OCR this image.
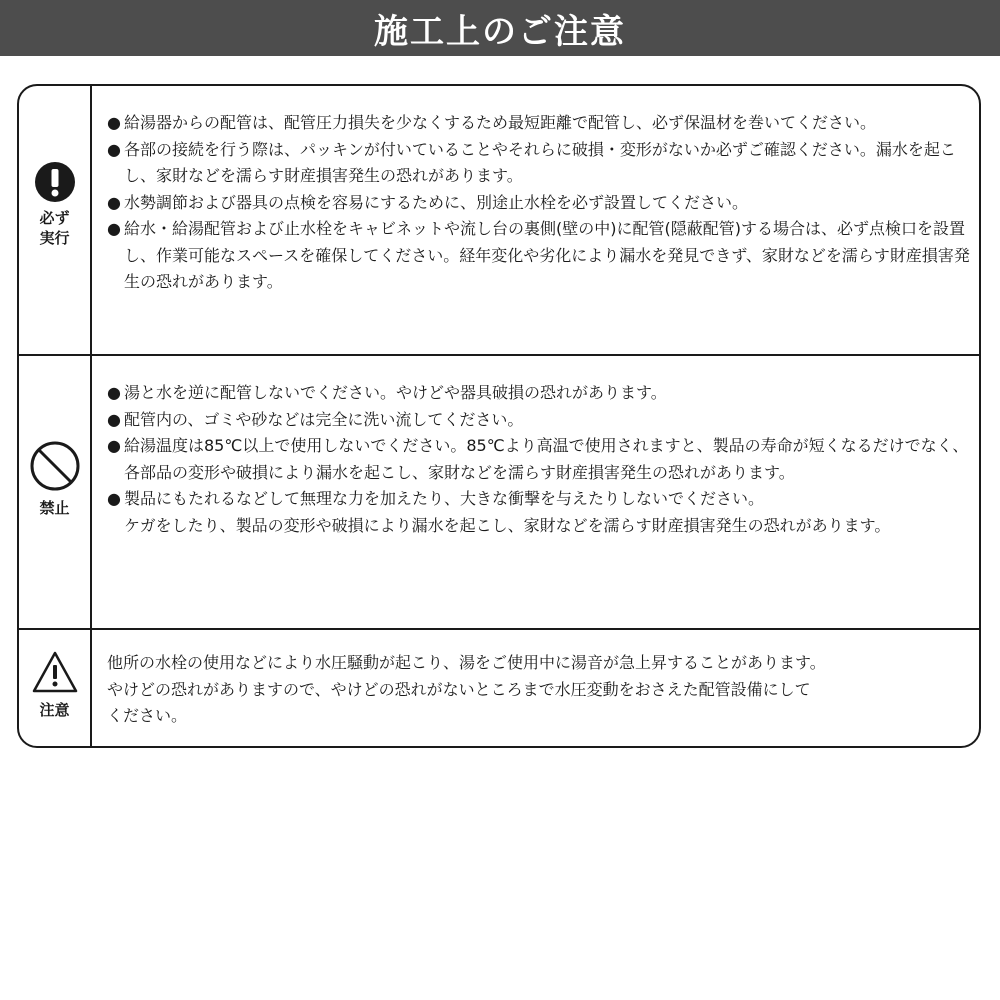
施工上のご注意
必ず
実行
● 給湯器からの配管は、配管圧力損失を少なくするため最短距離で配管し、必ず保温材を巻いてください。
● 各部の接続を行う際は、パッキンが付いていることやそれらに破損・変形がないか必ずご確認ください。漏水を起こし、家財などを濡らす財産損害発生の恐れがあります。
● 水勢調節および器具の点検を容易にするために、別途止水栓を必ず設置してください。
● 給水・給湯配管および止水栓をキャビネットや流し台の裏側(壁の中)に配管(隠蔽配管)する場合は、必ず点検口を設置し、作業可能なスペースを確保してください。経年変化や劣化により漏水を発見できず、家財などを濡らす財産損害発生の恐れがあります。
禁止
● 湯と水を逆に配管しないでください。やけどや器具破損の恐れがあります。
● 配管内の、ゴミや砂などは完全に洗い流してください。
● 給湯温度は85℃以上で使用しないでください。85℃より高温で使用されますと、製品の寿命が短くなるだけでなく、各部品の変形や破損により漏水を起こし、家財などを濡らす財産損害発生の恐れがあります。
● 製品にもたれるなどして無理な力を加えたり、大きな衝撃を与えたりしないでください。
ケガをしたり、製品の変形や破損により漏水を起こし、家財などを濡らす財産損害発生の恐れがあります。
注意
他所の水栓の使用などにより水圧騒動が起こり、湯をご使用中に湯音が急上昇することがあります。
やけどの恐れがありますので、やけどの恐れがないところまで水圧変動をおさえた配管設備にして
ください。
